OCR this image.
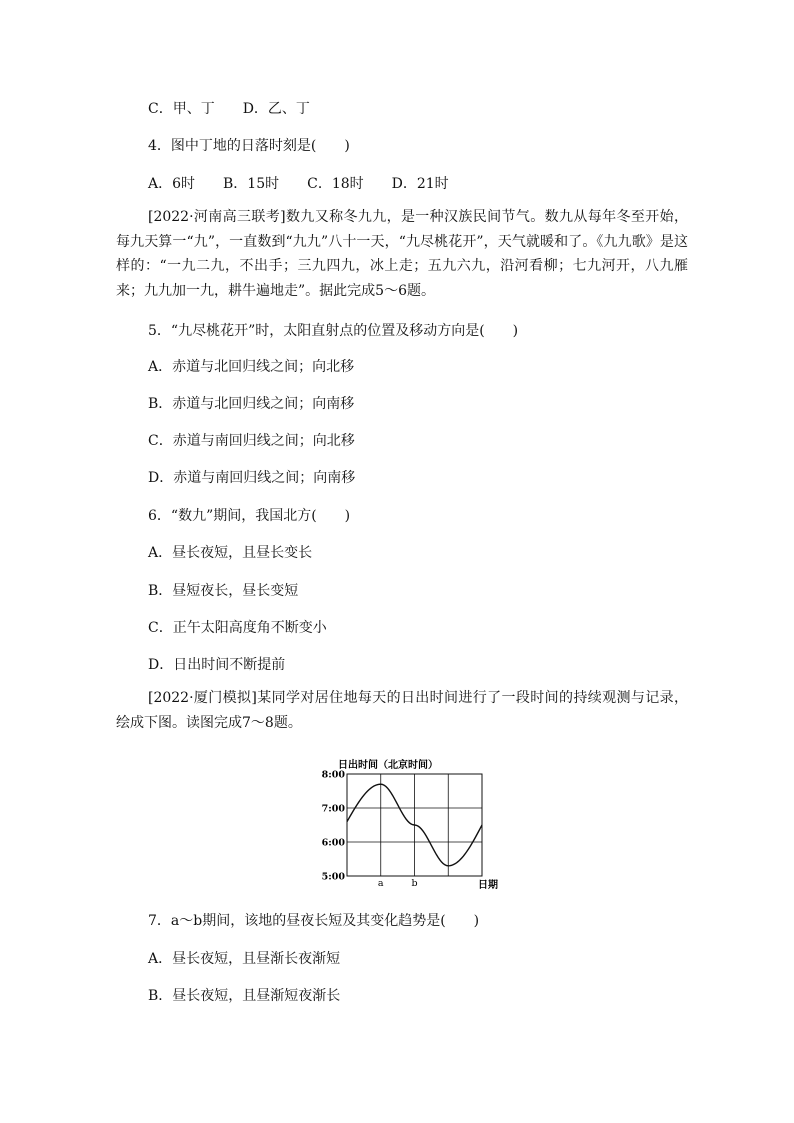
C．甲、丁　　D．乙、丁
4．图中丁地的日落时刻是(　　)
A．6时　　B．15时　　C．18时　　D．21时
5．“九尽桃花开”时，太阳直射点的位置及移动方向是(　　)
A．赤道与北回归线之间；向北移
B．赤道与北回归线之间；向南移
C．赤道与南回归线之间；向北移
D．赤道与南回归线之间；向南移
6．“数九”期间，我国北方(　　)
A．昼长夜短，且昼长变长
B．昼短夜长，昼长变短
C．正午太阳高度角不断变小
D．日出时间不断提前
7．a～b期间，该地的昼夜长短及其变化趋势是(　　)
A．昼长夜短，且昼渐长夜渐短
B．昼长夜短，且昼渐短夜渐长
[2022·河南高三联考]数九又称冬九九，是一种汉族民间节气。数九从每年冬至开始，每九天算一“九”，一直数到“九九”八十一天，“九尽桃花开”，天气就暖和了。《九九歌》是这样的：“一九二九，不出手；三九四九，冰上走；五九六九，沿河看柳；七九河开，八九雁来；九九加一九，耕牛遍地走”。据此完成5～6题。
[2022·厦门模拟]某同学对居住地每天的日出时间进行了一段时间的持续观测与记录，绘成下图。读图完成7～8题。
日出时间（北京时间）
8:00
7:00
6:00
5:00
a	b	日期
